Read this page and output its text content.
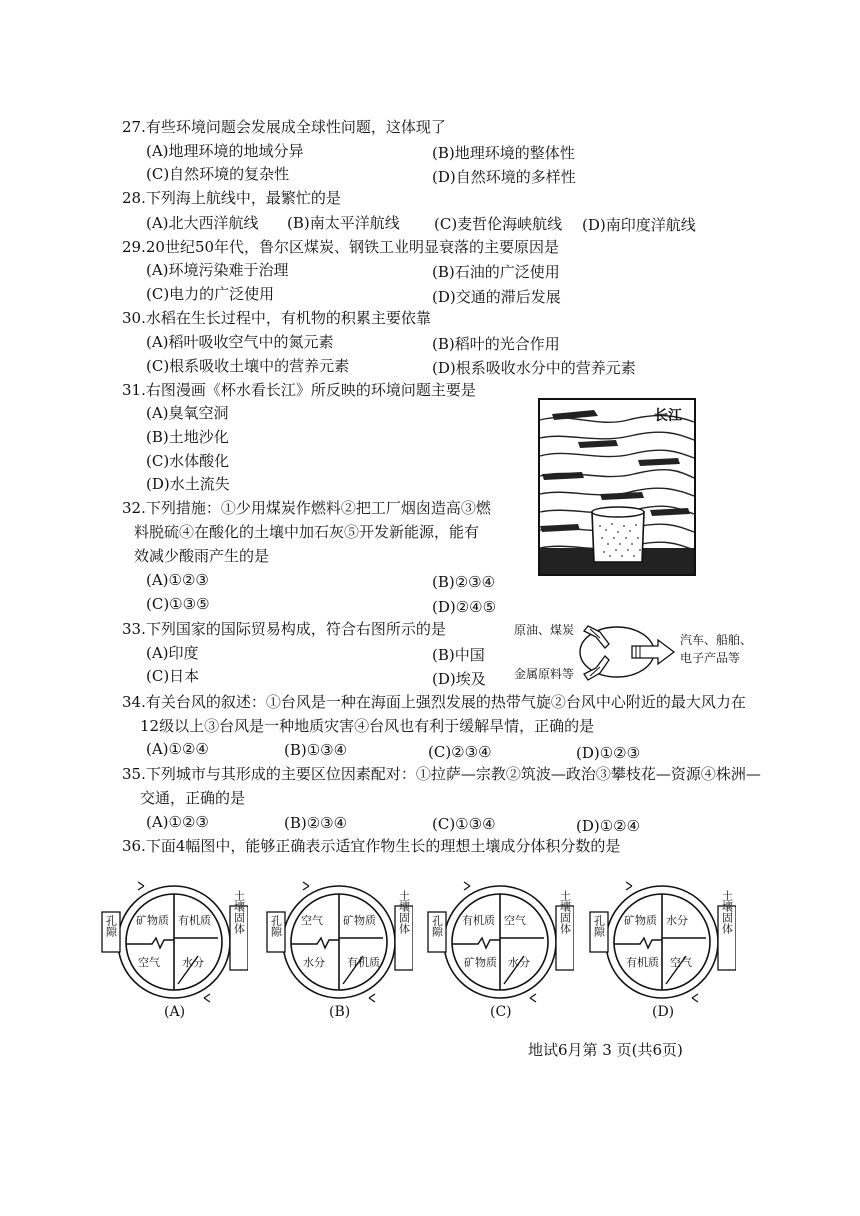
27.有些环境问题会发展成全球性问题，这体现了
(A)地理环境的地域分异	(B)地理环境的整体性
(C)自然环境的复杂性	(D)自然环境的多样性
28.下列海上航线中，最繁忙的是
(A)北大西洋航线 (B)南太平洋航线 (C)麦哲伦海峡航线 (D)南印度洋航线
29.20世纪50年代，鲁尔区煤炭、钢铁工业明显衰落的主要原因是
(A)环境污染难于治理	(B)石油的广泛使用
(C)电力的广泛使用	(D)交通的滞后发展
30.水稻在生长过程中，有机物的积累主要依靠
(A)稻叶吸收空气中的氮元素	(B)稻叶的光合作用
(C)根系吸收土壤中的营养元素	(D)根系吸收水分中的营养元素
31.右图漫画《杯水看长江》所反映的环境问题主要是
(A)臭氧空洞
(B)土地沙化
(C)水体酸化
(D)水土流失
长江
32.下列措施：①少用煤炭作燃料②把工厂烟囱造高③燃
料脱硫④在酸化的土壤中加石灰⑤开发新能源，能有
效减少酸雨产生的是
(A)①②③	(B)②③④
(C)①③⑤	(D)②④⑤
33.下列国家的国际贸易构成，符合右图所示的是
(A)印度	(B)中国
(C)日本	(D)埃及
原油、煤炭
金属原料等
汽车、船舶、
电子产品等
34.有关台风的叙述：①台风是一种在海面上强烈发展的热带气旋②台风中心附近的最大风力在
12级以上③台风是一种地质灾害④台风也有利于缓解旱情，正确的是
(A)①②④	(B)①③④	(C)②③④	(D)①②③
35.下列城市与其形成的主要区位因素配对：①拉萨—宗教②筑波—政治③攀枝花—资源④株洲—
交通，正确的是
(A)①②③	(B)②③④	(C)①③④	(D)①②④
36.下面4幅图中，能够正确表示适宜作物生长的理想土壤成分体积分数的是
矿物质 有机质
空气 水分
孔隙	土壤固体
(A)
空气 矿物质
水分 有机质
孔隙	土壤固体
(B)
有机质 空气
矿物质 水分
孔隙	土壤固体
(C)
矿物质 水分
有机质 空气
孔隙	土壤固体
(D)
地试6月第 3 页(共6页)
